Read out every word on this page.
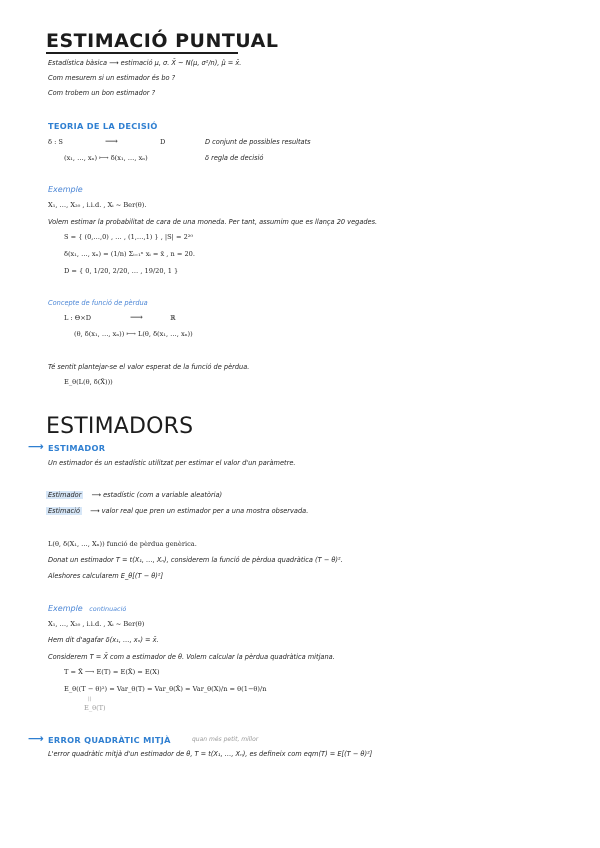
ESTIMACIÓ PUNTUAL
Estadística bàsica ⟶ estimació μ, σ. X̄ ~ N(μ, σ²/n), μ̂ = x̄.
Com mesurem si un estimador és bo ?
Com trobem un bon estimador ?
TEORIA DE LA DECISIÓ
δ : S	⟶	D	D conjunt de possibles resultats
(x₁, …, xₙ) ⟼ δ(x₁, …, xₙ)	δ regla de decisió
Exemple
X₁, …, X₂₀ , i.i.d. , Xᵢ ~ Ber(θ).
Volem estimar la probabilitat de cara de una moneda. Per tant, assumim que es llança 20 vegades.
S = { (0,…,0) , … , (1,…,1) } , |S| = 2²⁰
δ(x₁, …, xₙ) = (1/n) Σᵢ₌₁ⁿ xᵢ = x̄ , n = 20.
D = { 0, 1/20, 2/20, … , 19/20, 1 }
Concepte de funció de pèrdua
L : Θ×D	⟶	ℝ
(θ, δ(x₁, …, xₙ)) ⟼ L(θ, δ(x₁, …, xₙ))
Té sentit plantejar-se el valor esperat de la funció de pèrdua.
E_θ(L(θ, δ(X̄)))
ESTIMADORS
⟶ ESTIMADOR
Un estimador és un estadístic utilitzat per estimar el valor d'un paràmetre.
Estimador ⟶ estadístic (com a variable aleatòria)
Estimació ⟶ valor real que pren un estimador per a una mostra observada.
L(θ, δ(X₁, …, Xₙ)) funció de pèrdua genèrica.
Donat un estimador T = t(X₁, …, Xₙ), considerem la funció de pèrdua quadràtica (T − θ)².
Aleshores calcularem E_θ[(T − θ)²]
Exemple continuació
X₁, …, X₂₀ , i.i.d. , Xᵢ ~ Ber(θ)
Hem dit d'agafar δ(x₁, …, xₙ) = x̄.
Considerem T = X̄ com a estimador de θ. Volem calcular la pèrdua quadràtica mitjana.
T = X̄ ⟶ E(T) = E(X̄) = E(X)
E_θ((T − θ)²) = Var_θ(T) = Var_θ(X̄) = Var_θ(X)/n = θ(1−θ)/n
||
E_θ(T)
⟶ ERROR QUADRÀTIC MITJÀ	quan més petit, millor
L'error quadràtic mitjà d'un estimador de θ, T = t(X₁, …, Xₙ), es defineix com eqm(T) = E[(T − θ)²]
